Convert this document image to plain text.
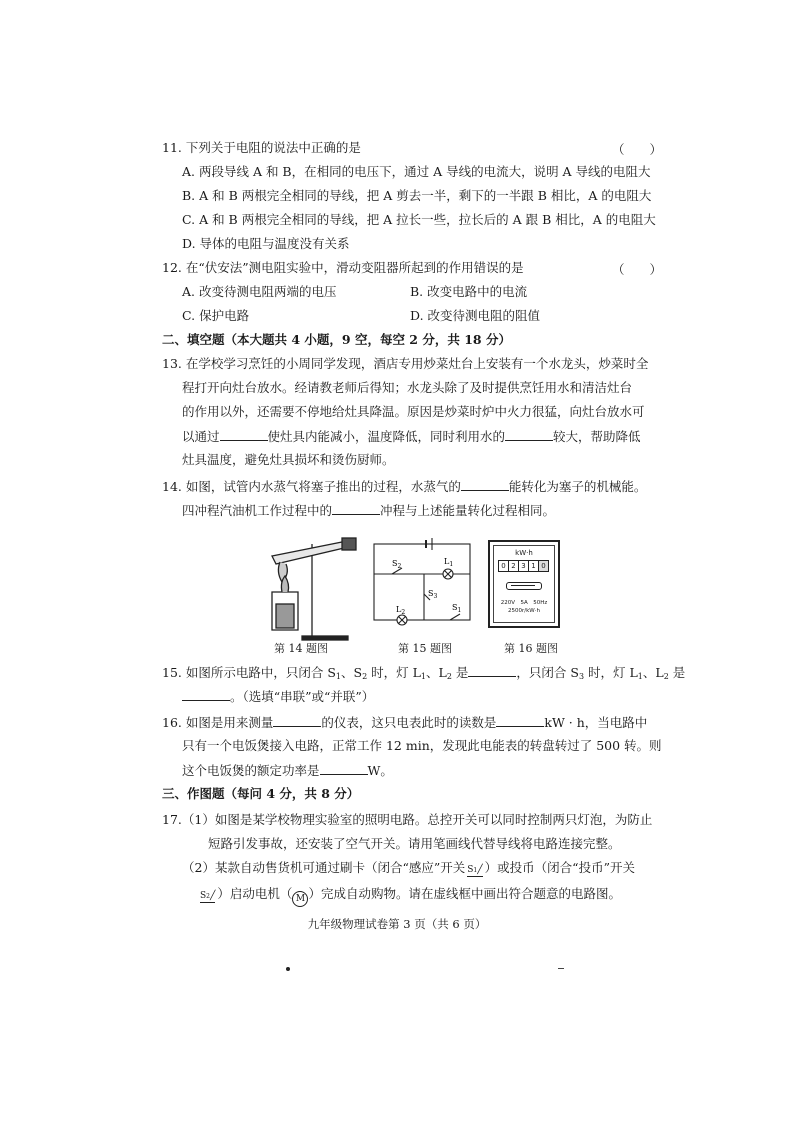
11. 下列关于电阻的说法中正确的是	（　　）
A. 两段导线 A 和 B，在相同的电压下，通过 A 导线的电流大，说明 A 导线的电阻大
B. A 和 B 两根完全相同的导线，把 A 剪去一半，剩下的一半跟 B 相比，A 的电阻大
C. A 和 B 两根完全相同的导线，把 A 拉长一些，拉长后的 A 跟 B 相比，A 的电阻大
D. 导体的电阻与温度没有关系
12. 在“伏安法”测电阻实验中，滑动变阻器所起到的作用错误的是	（　　）
A. 改变待测电阻两端的电压	B. 改变电路中的电流
C. 保护电路	D. 改变待测电阻的阻值
二、填空题（本大题共 4 小题，9 空，每空 2 分，共 18 分）
13. 在学校学习烹饪的小周同学发现，酒店专用炒菜灶台上安装有一个水龙头，炒菜时全
程打开向灶台放水。经请教老师后得知；水龙头除了及时提供烹饪用水和清洁灶台
的作用以外，还需要不停地给灶具降温。原因是炒菜时炉中火力很猛，向灶台放水可
以通过	使灶具内能减小，温度降低，同时利用水的	较大，帮助降低
灶具温度，避免灶具损坏和烫伤厨师。
14. 如图，试管内水蒸气将塞子推出的过程，水蒸气的	能转化为塞子的机械能。
四冲程汽油机工作过程中的	冲程与上述能量转化过程相同。
第 14 题图
$S_2$
$L_1$
$S_3$
$L_2$
$S_1$
第 15 题图
kW·h
0 2 3 1 0
220V　5A　50Hz
2500r/kW·h
第 16 题图
15. 如图所示电路中，只闭合 $S_1$、$S_2$ 时，灯 $L_1$、$L_2$ 是	，只闭合 $S_3$ 时，灯 $L_1$、$L_2$ 是
。（选填“串联”或“并联”）
16. 如图是用来测量	的仪表，这只电表此时的读数是	kW · h，当电路中
只有一个电饭煲接入电路，正常工作 12 min，发现此电能表的转盘转过了 500 转。则
这个电饭煲的额定功率是	W。
三、作图题（每问 4 分，共 8 分）
17.（1）如图是某学校物理实验室的照明电路。总控开关可以同时控制两只灯泡，为防止
短路引发事故，还安装了空气开关。请用笔画线代替导线将电路连接完整。
（2）某款自动售货机可通过刷卡（闭合“感应”开关 S1╱ ）或投币（闭合“投币”开关
S2╱ ）启动电机（ M ）完成自动购物。请在虚线框中画出符合题意的电路图。
九年级物理试卷第 3 页（共 6 页）
